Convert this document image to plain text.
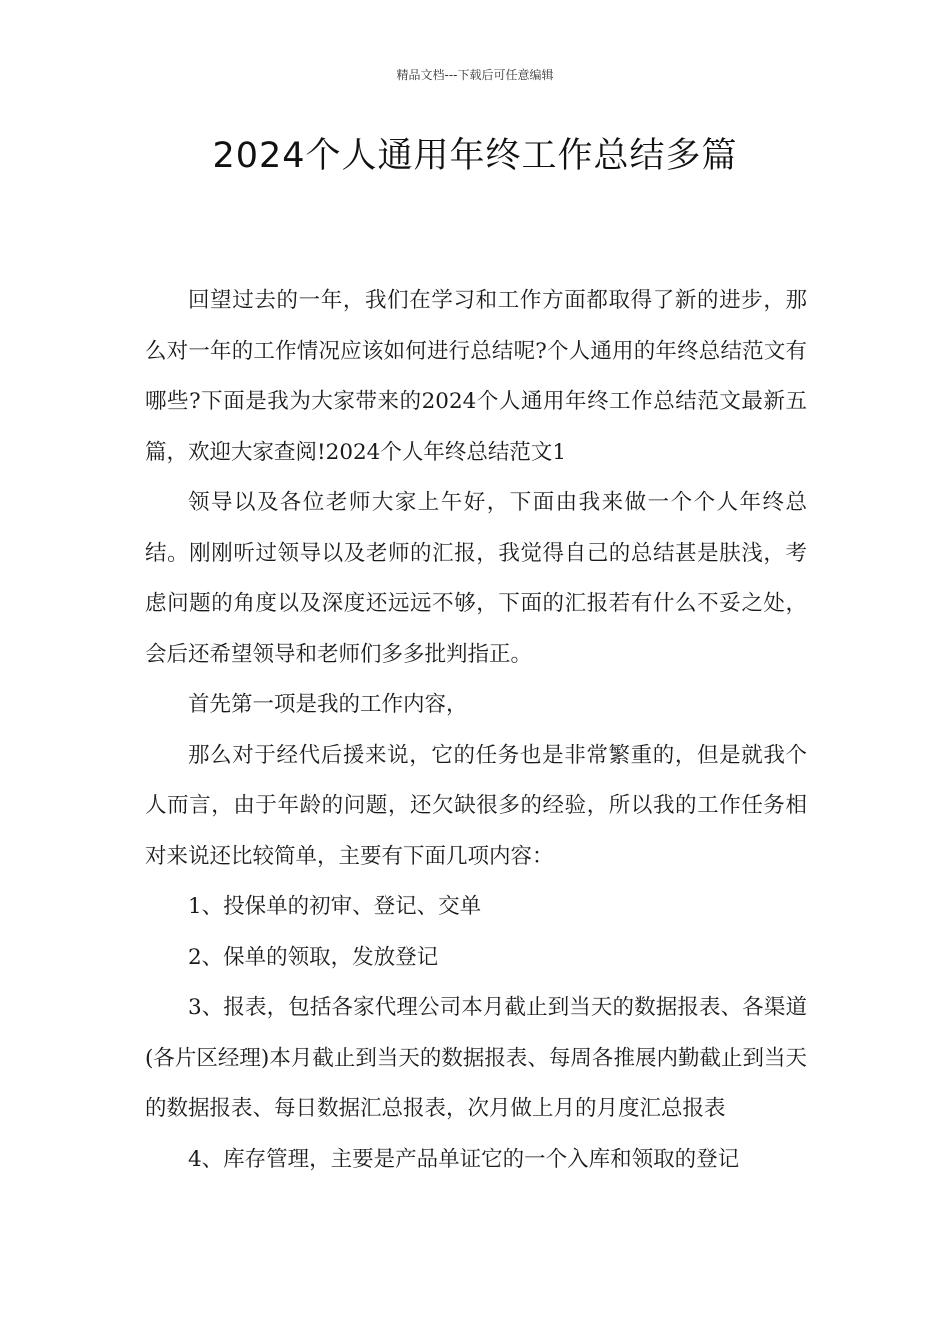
精品文档---下载后可任意编辑
2024个人通用年终工作总结多篇

回望过去的一年，我们在学习和工作方面都取得了新的进步，那么对一年的工作情况应该如何进行总结呢?个人通用的年终总结范文有哪些?下面是我为大家带来的2024个人通用年终工作总结范文最新五篇，欢迎大家查阅!2024个人年终总结范文1

领导以及各位老师大家上午好，下面由我来做一个个人年终总结。刚刚听过领导以及老师的汇报，我觉得自己的总结甚是肤浅，考虑问题的角度以及深度还远远不够，下面的汇报若有什么不妥之处，会后还希望领导和老师们多多批判指正。

首先第一项是我的工作内容，

那么对于经代后援来说，它的任务也是非常繁重的，但是就我个人而言，由于年龄的问题，还欠缺很多的经验，所以我的工作任务相对来说还比较简单，主要有下面几项内容：

1、投保单的初审、登记、交单

2、保单的领取，发放登记

3、报表，包括各家代理公司本月截止到当天的数据报表、各渠道(各片区经理)本月截止到当天的数据报表、每周各推展内勤截止到当天的数据报表、每日数据汇总报表，次月做上月的月度汇总报表

4、库存管理，主要是产品单证它的一个入库和领取的登记
